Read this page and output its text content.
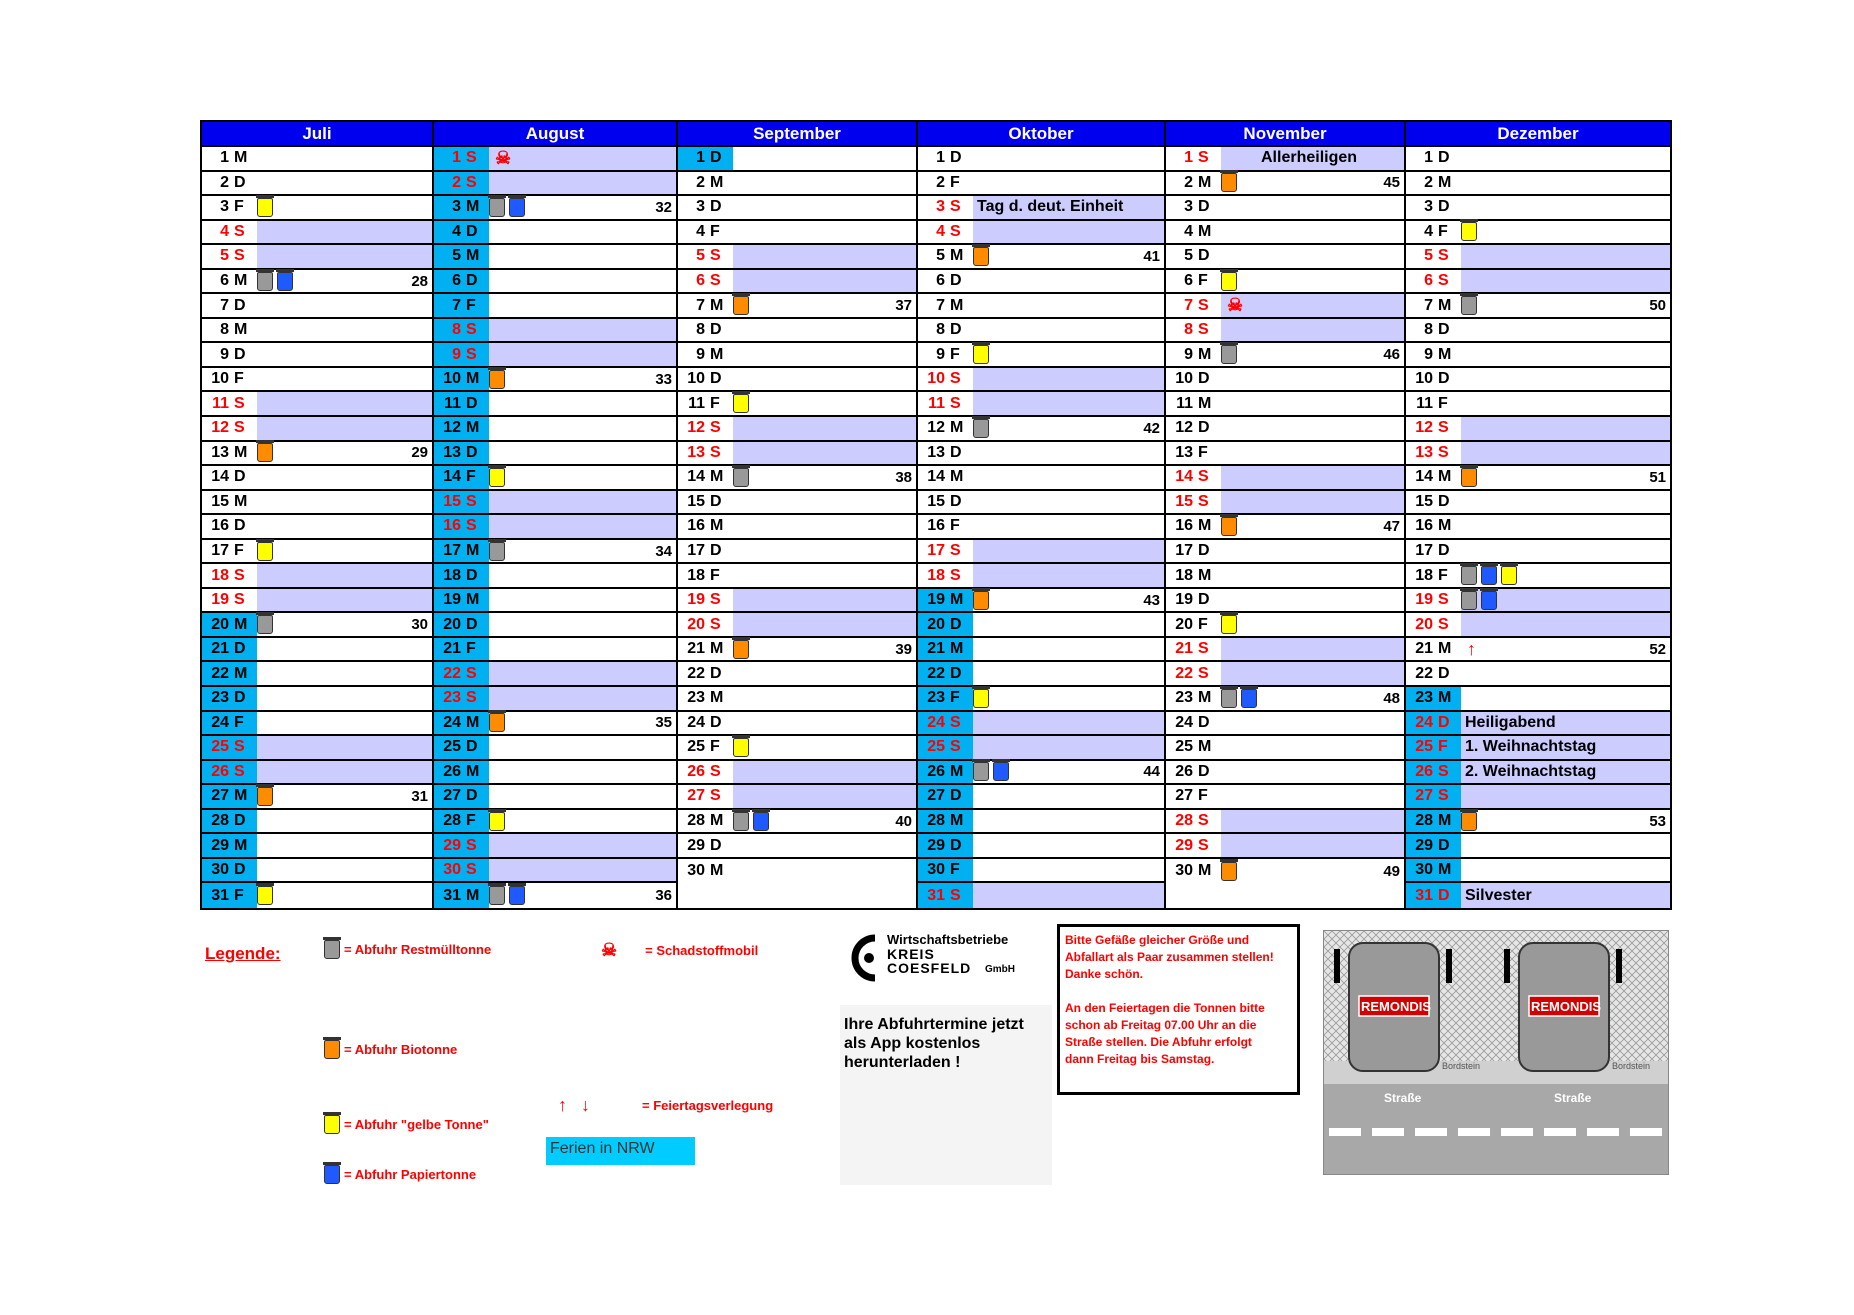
Juli
1 M
2 D
3 F
4 S
5 S
6 M	28
7 D
8 M
9 D
10 F
11 S
12 S
13 M	29
14 D
15 M
16 D
17 F
18 S
19 S
20 M	30
21 D
22 M
23 D
24 F
25 S
26 S
27 M	31
28 D
29 M
30 D
31 F
August
1 S ☠
2 S
3 M	32
4 D
5 M
6 D
7 F
8 S
9 S
10 M	33
11 D
12 M
13 D
14 F
15 S
16 S
17 M	34
18 D
19 M
20 D
21 F
22 S
23 S
24 M	35
25 D
26 M
27 D
28 F
29 S
30 S
31 M	36
September
1 D
2 M
3 D
4 F
5 S
6 S
7 M	37
8 D
9 M
10 D
11 F
12 S
13 S
14 M	38
15 D
16 M
17 D
18 F
19 S
20 S
21 M	39
22 D
23 M
24 D
25 F
26 S
27 S
28 M	40
29 D
30 M
Oktober
1 D
2 F
3 S Tag d. deut. Einheit
4 S
5 M	41
6 D
7 M
8 D
9 F
10 S
11 S
12 M	42
13 D
14 M
15 D
16 F
17 S
18 S
19 M	43
20 D
21 M
22 D
23 F
24 S
25 S
26 M	44
27 D
28 M
29 D
30 F
31 S
November
1 S	Allerheiligen
2 M	45
3 D
4 M
5 D
6 F
7 S ☠
8 S
9 M	46
10 D
11 M
12 D
13 F
14 S
15 S
16 M	47
17 D
18 M
19 D
20 F
21 S
22 S
23 M	48
24 D
25 M
26 D
27 F
28 S
29 S
30 M	49
Dezember
1 D
2 M
3 D
4 F
5 S
6 S
7 M	50
8 D
9 M
10 D
11 F
12 S
13 S
14 M	51
15 D
16 M
17 D
18 F
19 S
20 S
21 M ↑	52
22 D
23 M
24 D Heiligabend
25 F 1. Weihnachtstag
26 S 2. Weihnachtstag
27 S
28 M	53
29 D
30 M
31 D Silvester
Legende:	= Abfuhr Restmülltonne	☠ = Schadstoffmobil
= Abfuhr Biotonne
↑ ↓	= Feiertagsverlegung
= Abfuhr "gelbe Tonne"
= Abfuhr Papiertonne
Ferien in NRW
Wirtschaftsbetriebe
KREIS
COESFELD GmbH
Ihre Abfuhrtermine jetzt
als App kostenlos
herunterladen !
Bitte Gefäße gleicher Größe und
Abfallart als Paar zusammen stellen!
Danke schön.

An den Feiertagen die Tonnen bitte
schon ab Freitag 07.00 Uhr an die
Straße stellen. Die Abfuhr erfolgt
dann Freitag bis Samstag.
REMONDIS	REMONDIS
Bordstein	Bordstein
Straße	Straße
